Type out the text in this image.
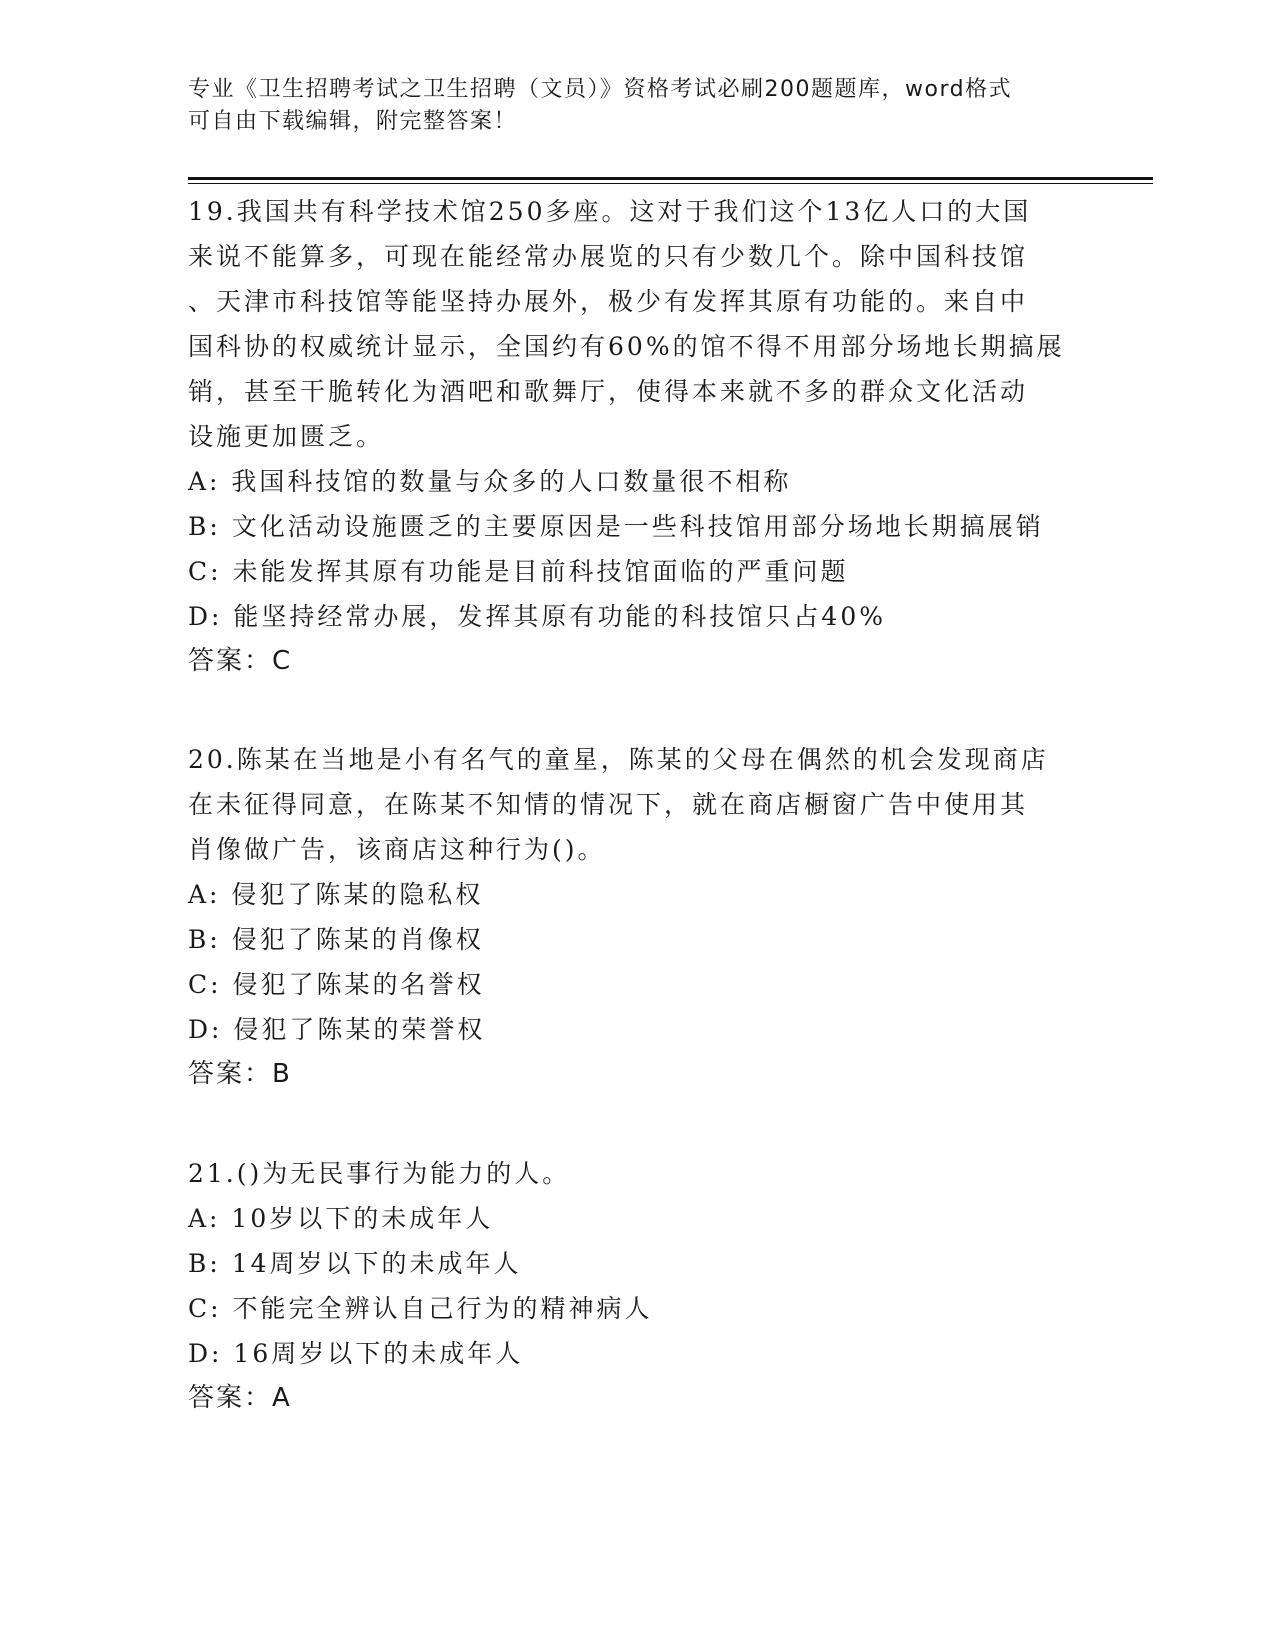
专业《卫生招聘考试之卫生招聘（文员）》资格考试必刷200题题库，word格式
可自由下载编辑，附完整答案！
19.我国共有科学技术馆250多座。这对于我们这个13亿人口的大国
来说不能算多，可现在能经常办展览的只有少数几个。除中国科技馆
、天津市科技馆等能坚持办展外，极少有发挥其原有功能的。来自中
国科协的权威统计显示，全国约有60%的馆不得不用部分场地长期搞展
销，甚至干脆转化为酒吧和歌舞厅，使得本来就不多的群众文化活动
设施更加匮乏。
A: 我国科技馆的数量与众多的人口数量很不相称
B: 文化活动设施匮乏的主要原因是一些科技馆用部分场地长期搞展销
C: 未能发挥其原有功能是目前科技馆面临的严重问题
D: 能坚持经常办展，发挥其原有功能的科技馆只占40%
答案：C
20.陈某在当地是小有名气的童星，陈某的父母在偶然的机会发现商店
在未征得同意，在陈某不知情的情况下，就在商店橱窗广告中使用其
肖像做广告，该商店这种行为()。
A: 侵犯了陈某的隐私权
B: 侵犯了陈某的肖像权
C: 侵犯了陈某的名誉权
D: 侵犯了陈某的荣誉权
答案：B
21.()为无民事行为能力的人。
A: 10岁以下的未成年人
B: 14周岁以下的未成年人
C: 不能完全辨认自己行为的精神病人
D: 16周岁以下的未成年人
答案：A
